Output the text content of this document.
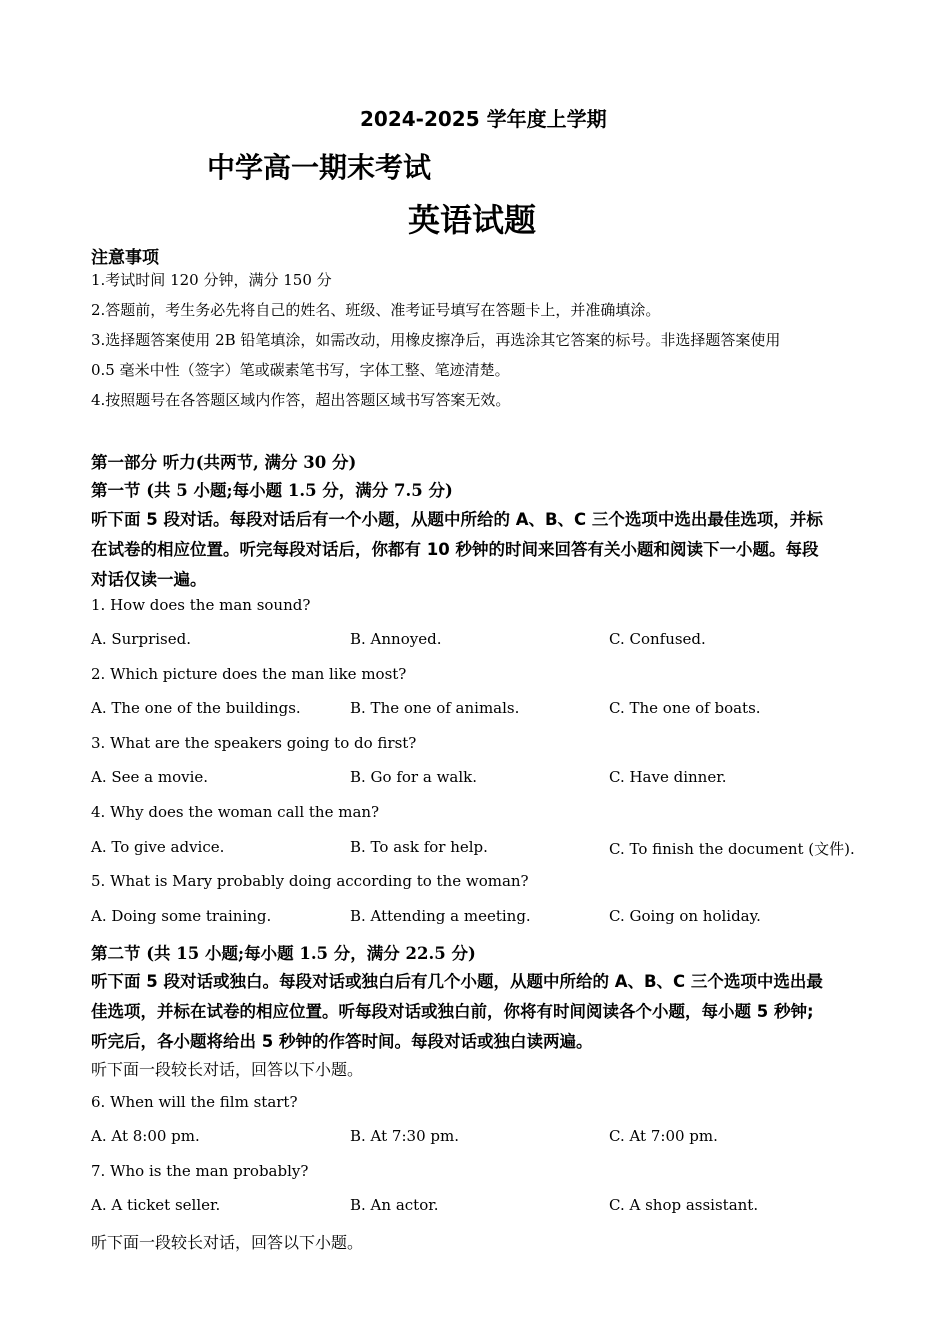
2024-2025 学年度上学期
中学高一期末考试
英语试题
注意事项
1.考试时间 120 分钟，满分 150 分
2.答题前，考生务必先将自己的姓名、班级、准考证号填写在答题卡上，并准确填涂。
3.选择题答案使用 2B 铅笔填涂，如需改动，用橡皮擦净后，再选涂其它答案的标号。非选择题答案使用
0.5 毫米中性（签字）笔或碳素笔书写，字体工整、笔迹清楚。
4.按照题号在各答题区域内作答，超出答题区域书写答案无效。
第一部分 听力(共两节, 满分 30 分)
第一节 (共 5 小题;每小题 1.5 分，满分 7.5 分)
听下面 5 段对话。每段对话后有一个小题，从题中所给的 A、B、C 三个选项中选出最佳选项，并标
在试卷的相应位置。听完每段对话后，你都有 10 秒钟的时间来回答有关小题和阅读下一小题。每段
对话仅读一遍。
1. How does the man sound?
A. Surprised.	B. Annoyed.	C. Confused.
2. Which picture does the man like most?
A. The one of the buildings.	B. The one of animals.	C. The one of boats.
3. What are the speakers going to do first?
A. See a movie.	B. Go for a walk.	C. Have dinner.
4. Why does the woman call the man?
A. To give advice.	B. To ask for help.	C. To finish the document (文件).
5. What is Mary probably doing according to the woman?
A. Doing some training.	B. Attending a meeting.	C. Going on holiday.
第二节 (共 15 小题;每小题 1.5 分，满分 22.5 分)
听下面 5 段对话或独白。每段对话或独白后有几个小题，从题中所给的 A、B、C 三个选项中选出最
佳选项，并标在试卷的相应位置。听每段对话或独白前，你将有时间阅读各个小题，每小题 5 秒钟;
听完后，各小题将给出 5 秒钟的作答时间。每段对话或独白读两遍。
听下面一段较长对话，回答以下小题。
6. When will the film start?
A. At 8:00 pm.	B. At 7:30 pm.	C. At 7:00 pm.
7. Who is the man probably?
A. A ticket seller.	B. An actor.	C. A shop assistant.
听下面一段较长对话，回答以下小题。
